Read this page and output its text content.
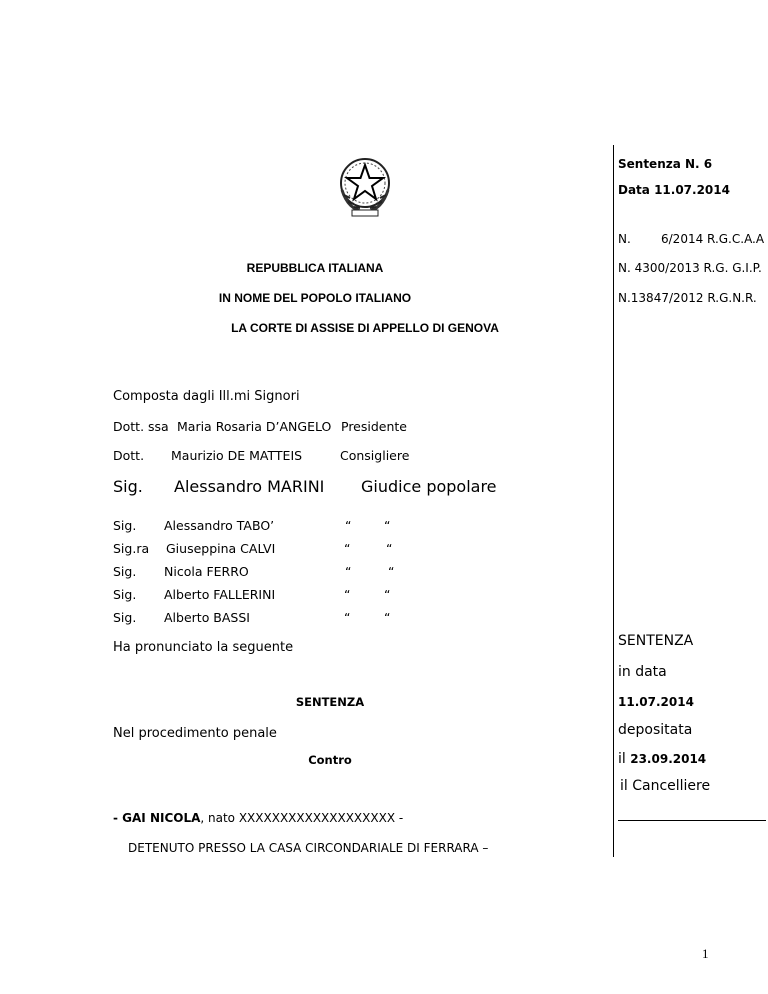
Sentenza N. 6
Data 11.07.2014
N.	6/2014 R.G.C.A.A
N. 4300/2013 R.G. G.I.P.
N.13847/2012 R.G.N.R.
SENTENZA
in data
11.07.2014
depositata
il 23.09.2014
il Cancelliere
REPUBBLICA ITALIANA
IN NOME DEL POPOLO ITALIANO
LA CORTE DI ASSISE DI APPELLO DI GENOVA
Composta dagli Ill.mi Signori
Dott. ssa Maria Rosaria D’ANGELO Presidente
Dott. Maurizio DE MATTEIS	Consigliere
Sig. Alessandro MARINI Giudice popolare
Sig. Alessandro TABO’	“	“
Sig.ra Giuseppina CALVI	“	“
Sig. Nicola FERRO	“	“
Sig. Alberto FALLERINI	“	“
Sig. Alberto BASSI	“	“
Ha pronunciato la seguente
SENTENZA
Nel procedimento penale
Contro
- GAI NICOLA, nato XXXXXXXXXXXXXXXXXXX -
DETENUTO PRESSO LA CASA CIRCONDARIALE DI FERRARA –
1
